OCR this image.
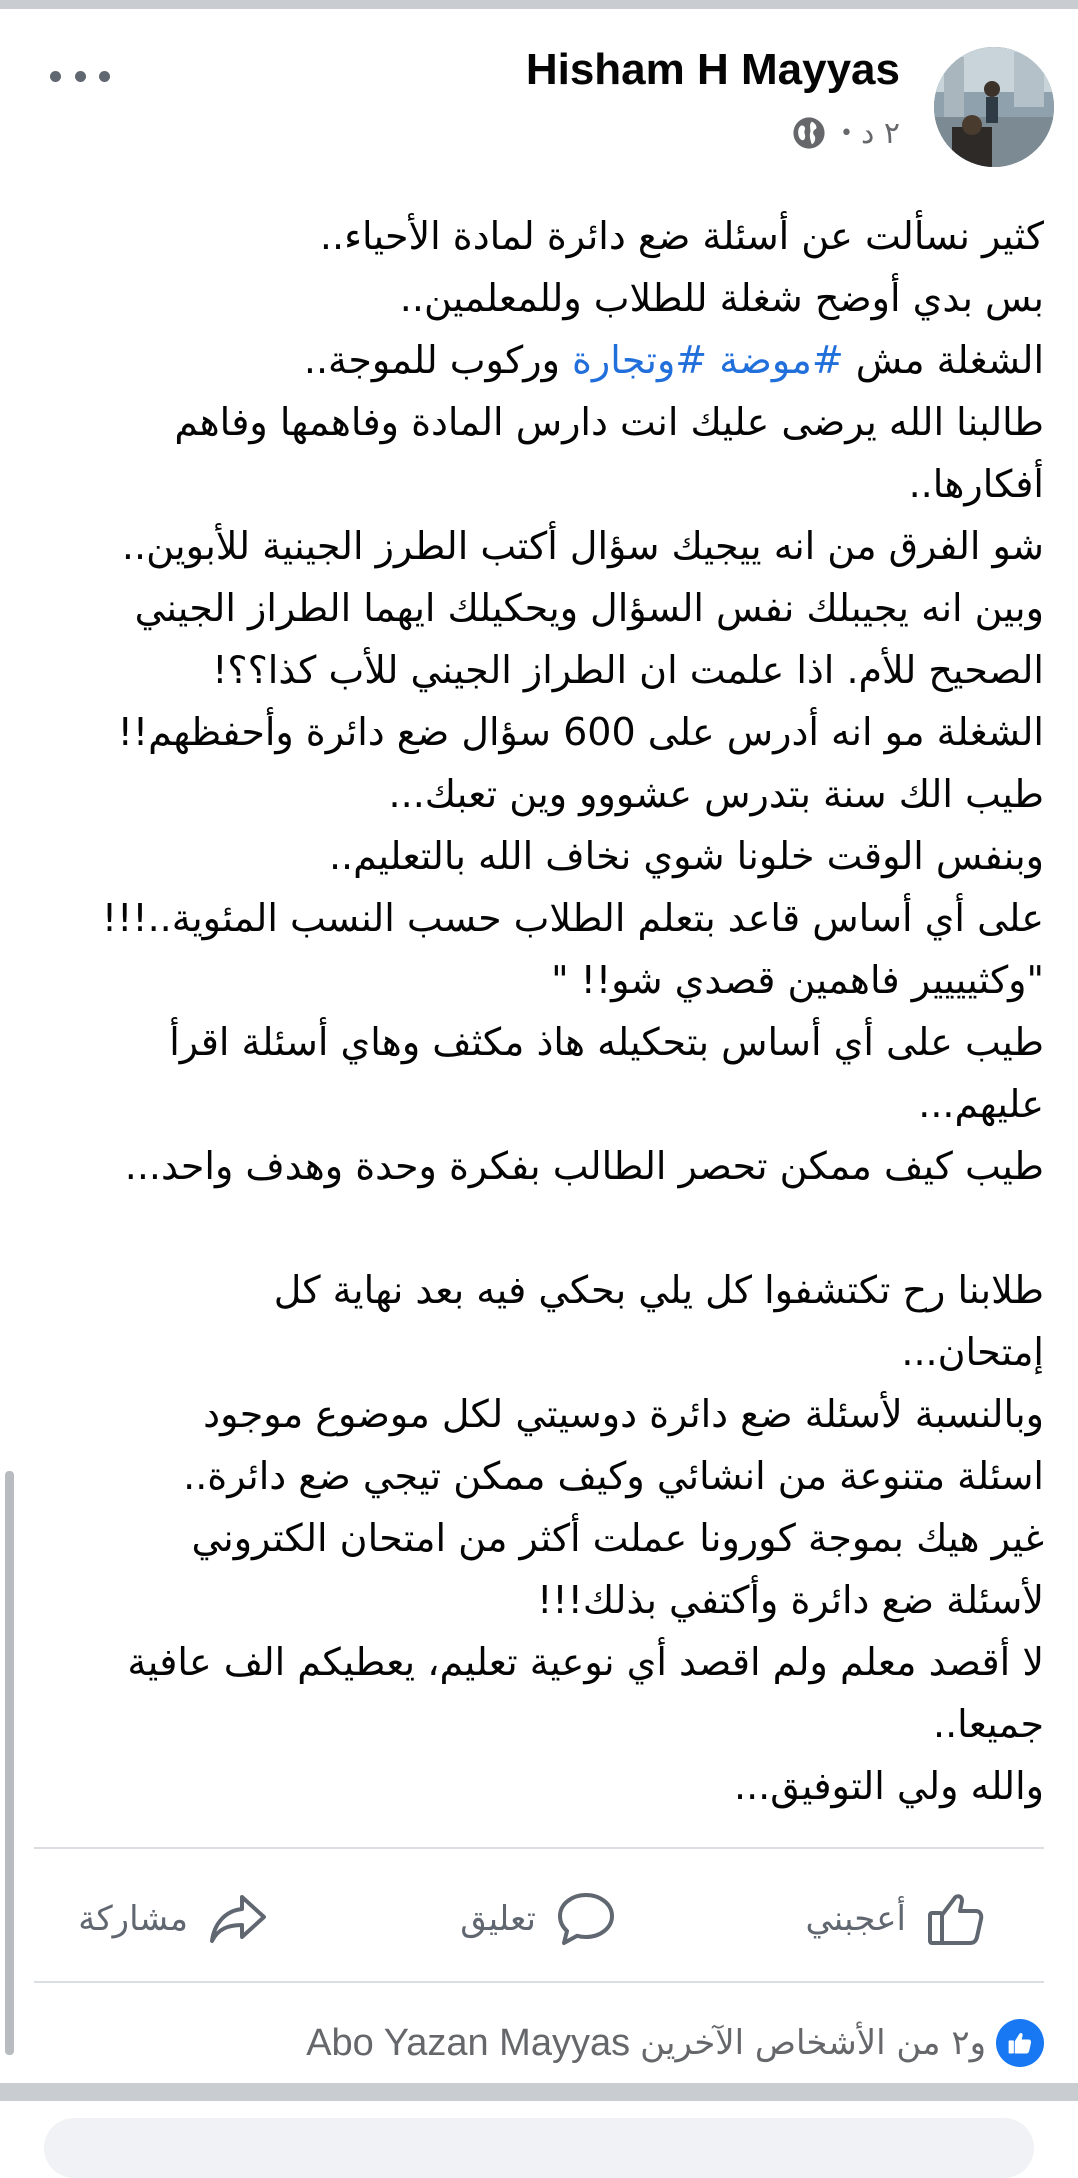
Hisham H Mayyas
٢ د
•
كثير نسألت عن أسئلة ضع دائرة لمادة الأحياء..
بس بدي أوضح شغلة للطلاب وللمعلمين..
الشغلة مش #موضة #وتجارة وركوب للموجة..
طالبنا الله يرضى عليك انت دارس المادة وفاهمها وفاهم
أفكارها..
شو الفرق من انه ييجيك سؤال أكتب الطرز الجينية للأبوين..
وبين انه يجيبلك نفس السؤال ويحكيلك ايهما الطراز الجيني
الصحيح للأم. اذا علمت ان الطراز الجيني للأب كذا؟؟!
الشغلة مو انه أدرس على 600 سؤال ضع دائرة وأحفظهم!!
طيب الك سنة بتدرس عشووو وين تعبك...
وبنفس الوقت خلونا شوي نخاف الله بالتعليم..
على أي أساس قاعد بتعلم الطلاب حسب النسب المئوية..!!!
"وكثيييير فاهمين قصدي شو!! "
طيب على أي أساس بتحكيله هاذ مكثف وهاي أسئلة اقرأ
عليهم...
طيب كيف ممكن تحصر الطالب بفكرة وحدة وهدف واحد...
طلابنا رح تكتشفوا كل يلي بحكي فيه بعد نهاية كل
إمتحان...
وبالنسبة لأسئلة ضع دائرة دوسيتي لكل موضوع موجود
اسئلة متنوعة من انشائي وكيف ممكن تيجي ضع دائرة..
غير هيك بموجة كورونا عملت أكثر من امتحان الكتروني
لأسئلة ضع دائرة وأكتفي بذلك!!!
لا أقصد معلم ولم اقصد أي نوعية تعليم، يعطيكم الف عافية
جميعا..
والله ولي التوفيق...
أعجبني
تعليق
مشاركة
و٢ من الأشخاص الآخرين
Abo Yazan Mayyas
